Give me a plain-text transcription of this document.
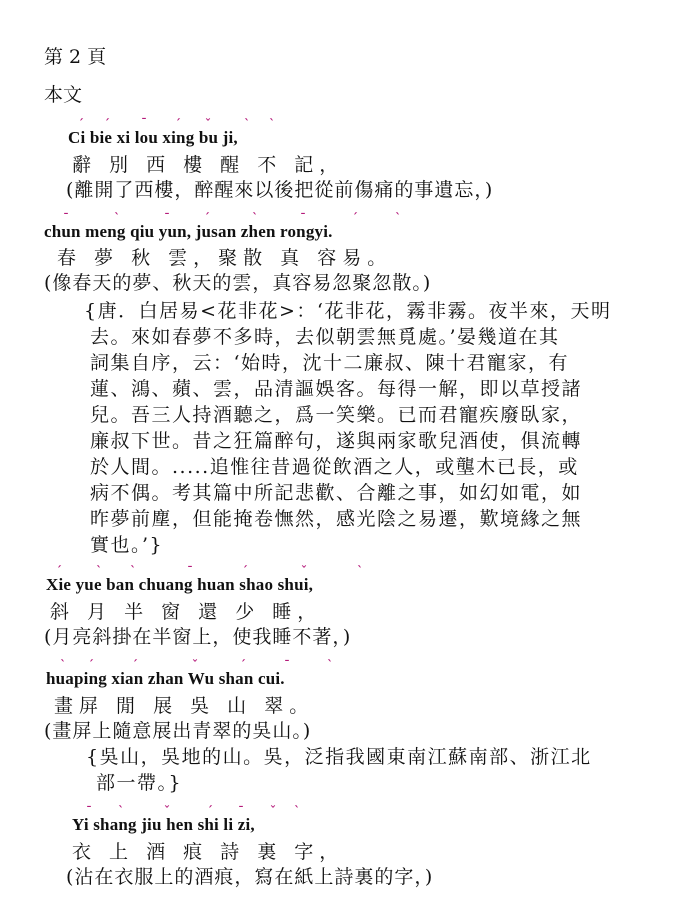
第 2 頁
本文
ˊ ˊ	ˉ ˊ ˇ	ˋ ˋ
Ci bie xi lou xing bu ji,
辭 別 西 樓 醒 不 記，
(離開了西樓，醉醒來以後把從前傷痛的事遺忘，)
ˉ	ˋ	ˉ	ˊ	ˋ	ˉ	ˊ	ˋ
chun meng qiu yun, jusan zhen rongyi.
春 夢 秋 雲，聚散 真 容易。
(像春天的夢、秋天的雲，真容易忽聚忽散。)
{唐．白居易<花非花>：‘花非花，霧非霧。夜半來，天明
去。來如春夢不多時，去似朝雲無覓處。’晏幾道在其
詞集自序，云：‘始時，沈十二廉叔、陳十君寵家，有
蓮、鴻、蘋、雲，品清謳娛客。每得一解，即以草授諸
兒。吾三人持酒聽之，爲一笑樂。已而君寵疾廢臥家，
廉叔下世。昔之狂篇醉句，遂與兩家歌兒酒使，俱流轉
於人間。.....追惟往昔過從飲酒之人，或壟木已長，或
病不偶。考其篇中所記悲歡、合離之事，如幻如電，如
昨夢前塵，但能掩卷憮然，感光陰之易遷，歎境緣之無
實也。’}
ˊ	ˋ ˋ	ˉ	ˊ	ˇ	ˋ
Xie yue ban chuang huan shao shui,
斜 月 半 窗 還 少 睡，
(月亮斜掛在半窗上，使我睡不著，)
ˋ ˊ	ˊ	ˇ	ˊ	ˉ	ˋ
huaping xian zhan Wu shan cui.
畫屏 閒 展 吳 山 翠。
(畫屏上隨意展出青翠的吳山。)
{吳山，吳地的山。吳，泛指我國東南江蘇南部、浙江北
部一帶。}
ˉ ˋ	ˇ	ˊ ˉ ˇ ˋ
Yi shang jiu hen shi li zi,
衣 上 酒 痕 詩 裏 字，
(沾在衣服上的酒痕，寫在紙上詩裏的字，)
